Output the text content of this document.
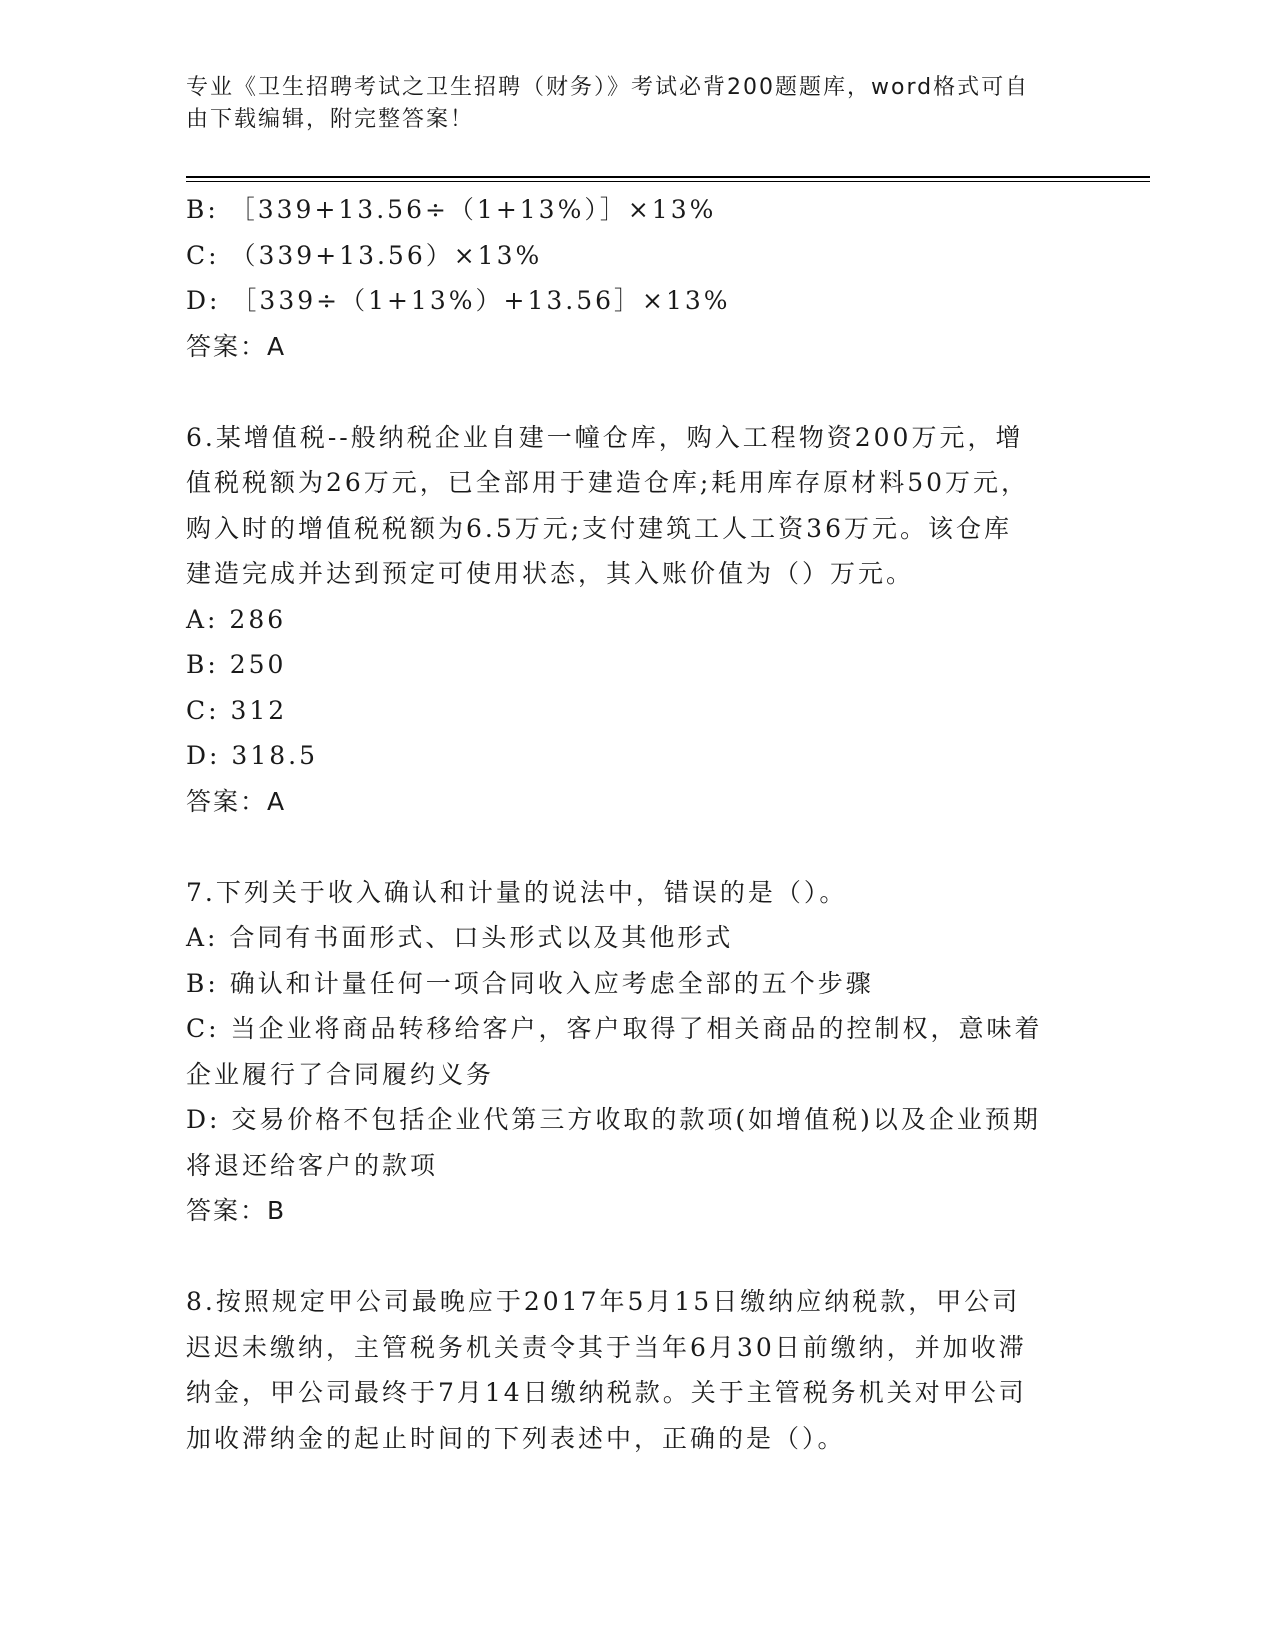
专业《卫生招聘考试之卫生招聘（财务）》考试必背200题题库，word格式可自
由下载编辑，附完整答案！
B: ［339+13.56÷（1+13%）］×13%
C: （339+13.56）×13%
D: ［339÷（1+13%）+13.56］×13%
答案：A
6.某增值税--般纳税企业自建一幢仓库，购入工程物资200万元，增
值税税额为26万元，已全部用于建造仓库;耗用库存原材料50万元，
购入时的增值税税额为6.5万元;支付建筑工人工资36万元。该仓库
建造完成并达到预定可使用状态，其入账价值为（）万元。
A: 286
B: 250
C: 312
D: 318.5
答案：A
7.下列关于收入确认和计量的说法中，错误的是（）。
A: 合同有书面形式、口头形式以及其他形式
B: 确认和计量任何一项合同收入应考虑全部的五个步骤
C: 当企业将商品转移给客户，客户取得了相关商品的控制权，意味着
企业履行了合同履约义务
D: 交易价格不包括企业代第三方收取的款项(如增值税)以及企业预期
将退还给客户的款项
答案：B
8.按照规定甲公司最晚应于2017年5月15日缴纳应纳税款，甲公司
迟迟未缴纳，主管税务机关责令其于当年6月30日前缴纳，并加收滞
纳金，甲公司最终于7月14日缴纳税款。关于主管税务机关对甲公司
加收滞纳金的起止时间的下列表述中，正确的是（）。
